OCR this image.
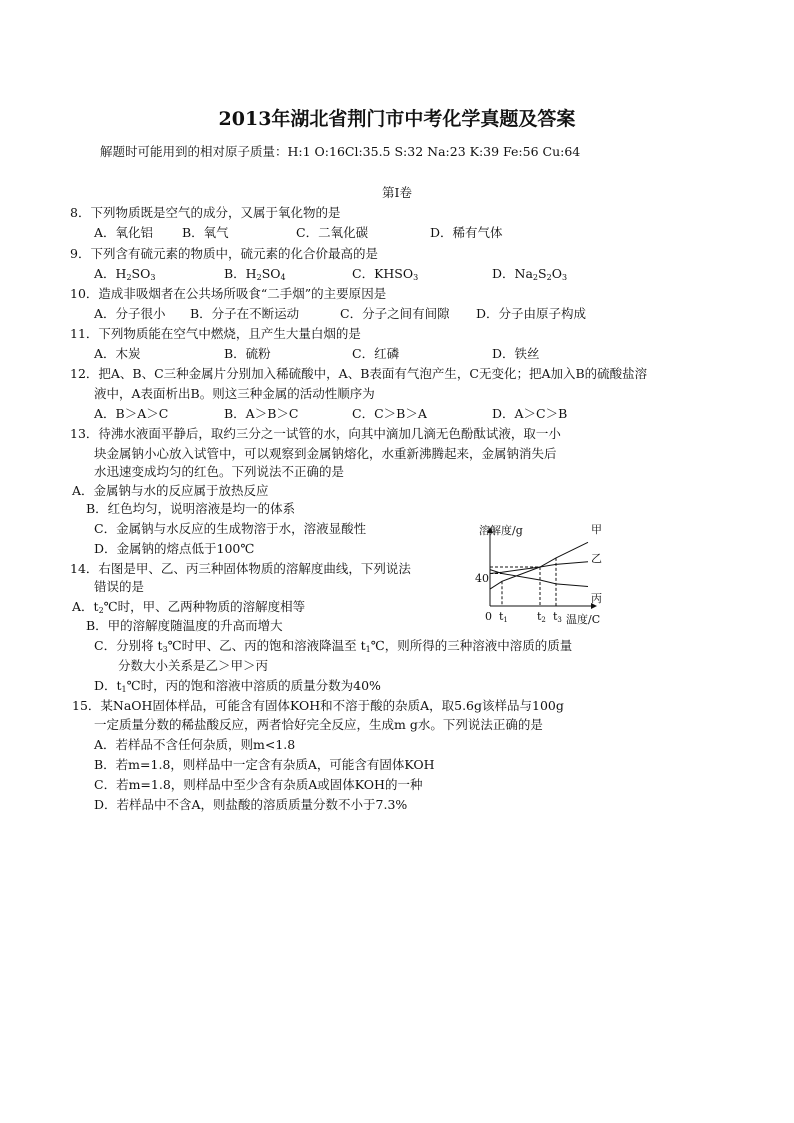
2013年湖北省荆门市中考化学真题及答案
解题时可能用到的相对原子质量：H:1 O:16Cl:35.5 S:32 Na:23 K:39 Fe:56 Cu:64
第Ⅰ卷
8．下列物质既是空气的成分，又属于氧化物的是
A．氧化铝 B．氧气	C．二氧化碳	D．稀有气体
9．下列含有硫元素的物质中，硫元素的化合价最高的是
A．$H_2SO_3$	B．$H_2SO_4$	C．$KHSO_3$	D．$Na_2S_2O_3$
10．造成非吸烟者在公共场所吸食“二手烟”的主要原因是
A．分子很小 B．分子在不断运动	C．分子之间有间隙 D．分子由原子构成
11．下列物质能在空气中燃烧，且产生大量白烟的是
A．木炭	B．硫粉	C．红磷	D．铁丝
12．把A、B、C三种金属片分别加入稀硫酸中，A、B表面有气泡产生，C无变化；把A加入B的硫酸盐溶
液中，A表面析出B。则这三种金属的活动性顺序为
A．B＞A＞C	B．A＞B＞C	C．C＞B＞A	D．A＞C＞B
13．待沸水液面平静后，取约三分之一试管的水，向其中滴加几滴无色酚酞试液，取一小
块金属钠小心放入试管中，可以观察到金属钠熔化，水重新沸腾起来，金属钠消失后
水迅速变成均匀的红色。下列说法不正确的是
A．金属钠与水的反应属于放热反应
B．红色均匀，说明溶液是均一的体系
C．金属钠与水反应的生成物溶于水，溶液显酸性
D．金属钠的熔点低于100℃
14．右图是甲、乙、丙三种固体物质的溶解度曲线，下列说法
错误的是
A．$t_2℃$时，甲、乙两种物质的溶解度相等
B．甲的溶解度随温度的升高而增大
C．分别将 $t_3℃$时甲、乙、丙的饱和溶液降温至 $t_1℃$，则所得的三种溶液中溶质的质量
分数大小关系是乙＞甲＞丙
D．$t_1℃$时，丙的饱和溶液中溶质的质量分数为40%
15．某NaOH固体样品，可能含有固体KOH和不溶于酸的杂质A，取5.6g该样品与100g
一定质量分数的稀盐酸反应，两者恰好完全反应，生成m g水。下列说法正确的是
A．若样品不含任何杂质，则m<1.8
B．若m=1.8，则样品中一定含有杂质A，可能含有固体KOH
C．若m=1.8，则样品中至少含有杂质A或固体KOH的一种
D．若样品中不含A，则盐酸的溶质质量分数不小于7.3%
溶解度/g
温度/C
0
40
t1	t2 t3
甲
乙
丙
